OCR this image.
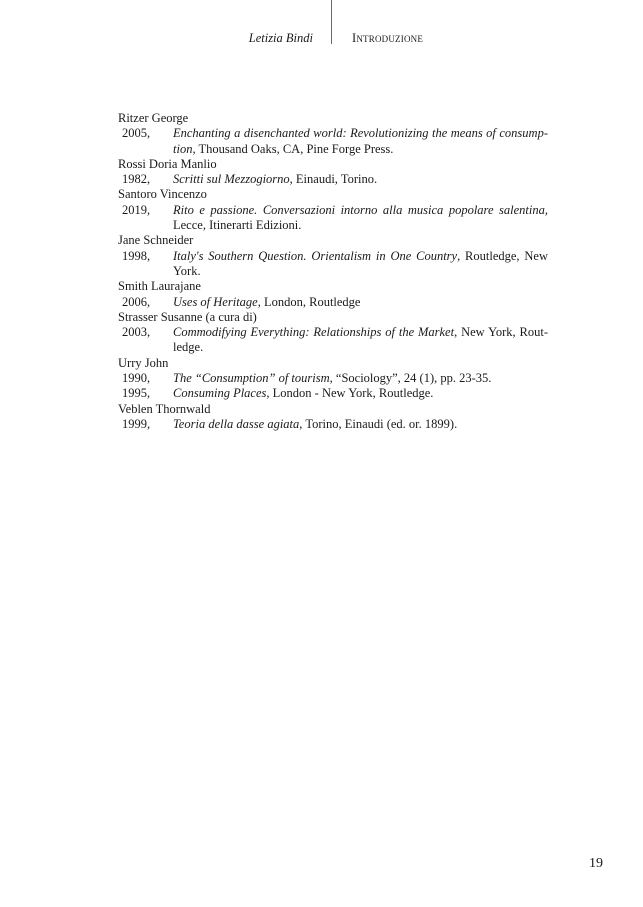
Letizia Bindi	Introduzione
Ritzer George
2005,	Enchanting a disenchanted world: Revolutionizing the means of consumption, Thousand Oaks, CA, Pine Forge Press.
Rossi Doria Manlio
1982,	Scritti sul Mezzogiorno, Einaudi, Torino.
Santoro Vincenzo
2019,	Rito e passione. Conversazioni intorno alla musica popolare salentina, Lecce, Itinerarti Edizioni.
Jane Schneider
1998,	Italy's Southern Question. Orientalism in One Country, Routledge, New York.
Smith Laurajane
2006,	Uses of Heritage, London, Routledge
Strasser Susanne (a cura di)
2003,	Commodifying Everything: Relationships of the Market, New York, Routledge.
Urry John
1990,	The “Consumption” of tourism, “Sociology”, 24 (1), pp. 23-35.
1995,	Consuming Places, London - New York, Routledge.
Veblen Thornwald
1999,	Teoria della dasse agiata, Torino, Einaudi (ed. or. 1899).
19
